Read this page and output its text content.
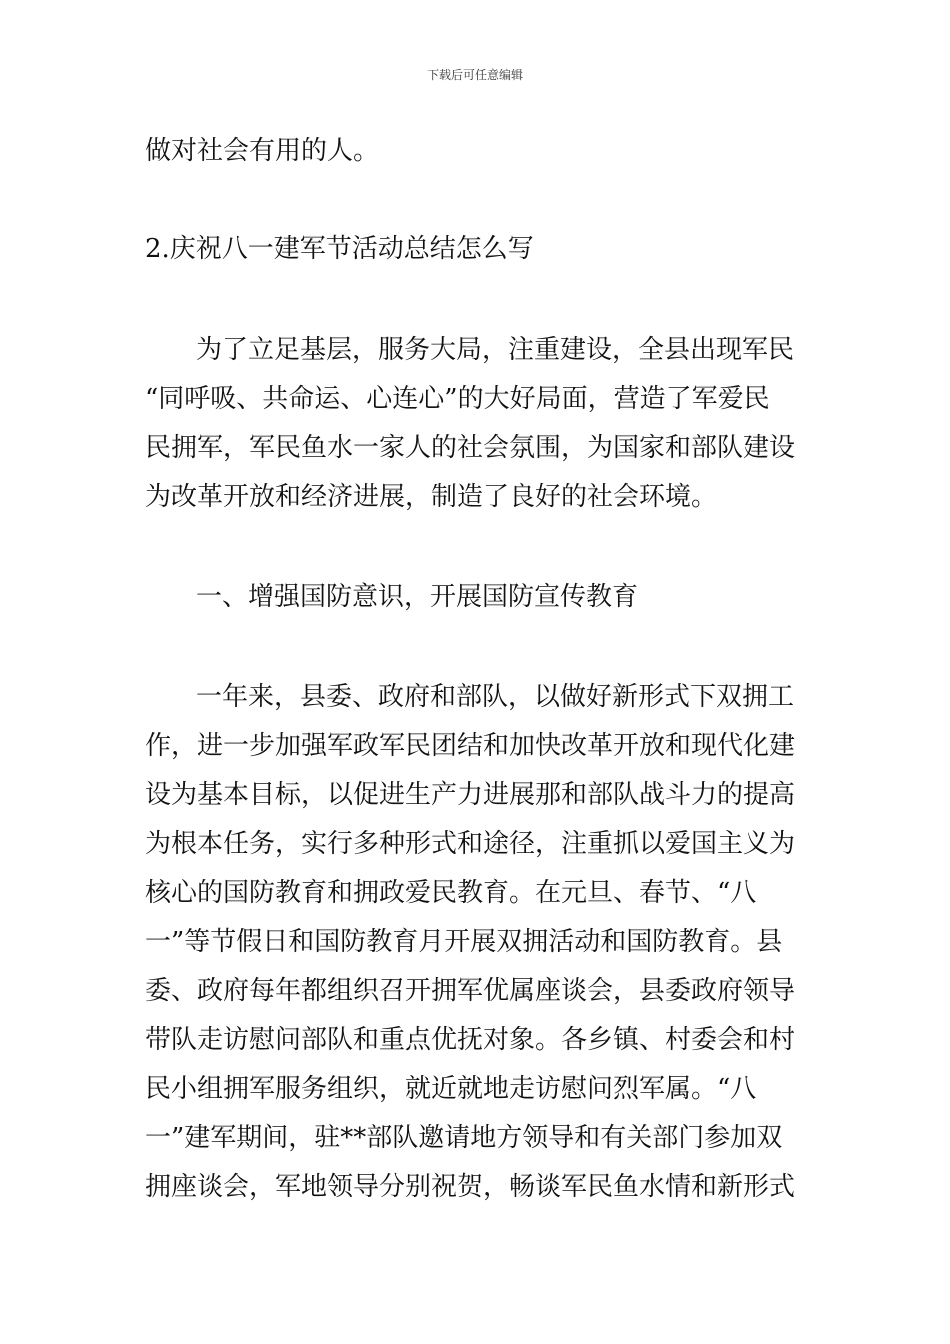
下载后可任意编辑
做对社会有用的人。
2.庆祝八一建军节活动总结怎么写
为了立足基层，服务大局，注重建设，全县出现军民
“同呼吸、共命运、心连心”的大好局面，营造了军爱民
民拥军，军民鱼水一家人的社会氛围，为国家和部队建设
为改革开放和经济进展，制造了良好的社会环境。
一、增强国防意识，开展国防宣传教育
一年来，县委、政府和部队，以做好新形式下双拥工
作，进一步加强军政军民团结和加快改革开放和现代化建
设为基本目标，以促进生产力进展那和部队战斗力的提高
为根本任务，实行多种形式和途径，注重抓以爱国主义为
核心的国防教育和拥政爱民教育。在元旦、春节、“八
一”等节假日和国防教育月开展双拥活动和国防教育。县
委、政府每年都组织召开拥军优属座谈会，县委政府领导
带队走访慰问部队和重点优抚对象。各乡镇、村委会和村
民小组拥军服务组织，就近就地走访慰问烈军属。“八
一”建军期间，驻**部队邀请地方领导和有关部门参加双
拥座谈会，军地领导分别祝贺，畅谈军民鱼水情和新形式
